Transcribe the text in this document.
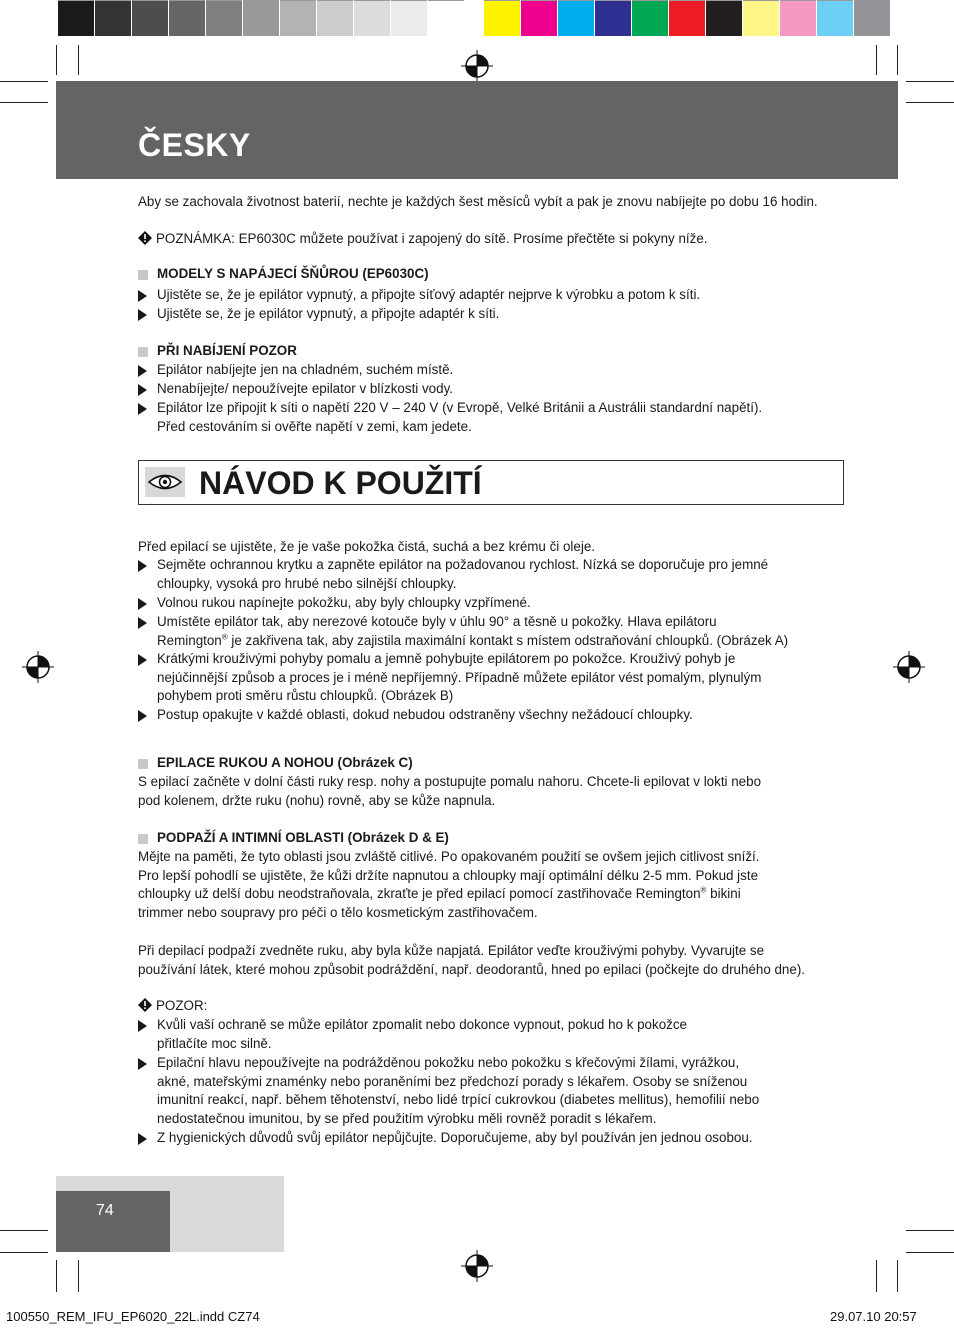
ČESKY

Aby se zachovala životnost baterií, nechte je každých šest měsíců vybít a pak je znovu nabíjejte po dobu 16 hodin.

POZNÁMKA: EP6030C můžete používat i zapojený do sítě. Prosíme přečtěte si pokyny níže.

MODELY S NAPÁJECÍ ŠŇŮROU (EP6030C)
Ujistěte se, že je epilátor vypnutý, a připojte síťový adaptér nejprve k výrobku a potom k síti.
Ujistěte se, že je epilátor vypnutý, a připojte adaptér k síti.
PŘI NABÍJENÍ POZOR
Epilátor nabíjejte jen na chladném, suchém místě.
Nenabíjejte/ nepoužívejte epilator v blízkosti vody.
Epilátor lze připojit k síti o napětí 220 V – 240 V (v Evropě, Velké Británii a Austrálii standardní napětí).
Před cestováním si ověřte napětí v zemi, kam jedete.
NÁVOD K POUŽITÍ

Před epilací se ujistěte, že je vaše pokožka čistá, suchá a bez krému či oleje.

Sejměte ochrannou krytku a zapněte epilátor na požadovanou rychlost. Nízká se doporučuje pro jemné
chloupky, vysoká pro hrubé nebo silnější chloupky.
Volnou rukou napínejte pokožku, aby byly chloupky vzpřímené.
Umístěte epilátor tak, aby nerezové kotouče byly v úhlu 90° a těsně u pokožky. Hlava epilátoru
Remington® je zakřivena tak, aby zajistila maximální kontakt s místem odstraňování chloupků. (Obrázek A)
Krátkými krouživými pohyby pomalu a jemně pohybujte epilátorem po pokožce. Krouživý pohyb je
nejúčinnější způsob a proces je i méně nepříjemný. Případně můžete epilátor vést pomalým, plynulým
pohybem proti směru růstu chloupků. (Obrázek B)
Postup opakujte v každé oblasti, dokud nebudou odstraněny všechny nežádoucí chloupky.
EPILACE RUKOU A NOHOU (Obrázek C)

S epilací začněte v dolní části ruky resp. nohy a postupujte pomalu nahoru. Chcete-li epilovat v lokti nebo
pod kolenem, držte ruku (nohu) rovně, aby se kůže napnula.

PODPAŽÍ A INTIMNÍ OBLASTI (Obrázek D & E)

Mějte na paměti, že tyto oblasti jsou zvláště citlivé. Po opakovaném použití se ovšem jejich citlivost sníží.
Pro lepší pohodlí se ujistěte, že kůži držíte napnutou a chloupky mají optimální délku 2-5 mm. Pokud jste
chloupky už delší dobu neodstraňovala, zkraťte je před epilací pomocí zastřihovače Remington® bikini
trimmer nebo soupravy pro péči o tělo kosmetickým zastřihovačem.

Při depilací podpaží zvedněte ruku, aby byla kůže napjatá. Epilátor veďte krouživými pohyby. Vyvarujte se
používání látek, které mohou způsobit podráždění, např. deodorantů, hned po epilaci (počkejte do druhého dne).

POZOR:

Kvůli vaší ochraně se může epilátor zpomalit nebo dokonce vypnout, pokud ho k pokožce
přitlačíte moc silně.
Epilační hlavu nepoužívejte na podrážděnou pokožku nebo pokožku s křečovými žílami, vyrážkou,
akné, mateřskými znaménky nebo poraněními bez předchozí porady s lékařem. Osoby se sníženou
imunitní reakcí, např. během těhotenství, nebo lidé trpící cukrovkou (diabetes mellitus), hemofilií nebo
nedostatečnou imunitou, by se před použitím výrobku měli rovněž poradit s lékařem.
Z hygienických důvodů svůj epilátor nepůjčujte. Doporučujeme, aby byl používán jen jednou osobou.
74
100550_REM_IFU_EP6020_22L.indd CZ74	29.07.10 20:57
